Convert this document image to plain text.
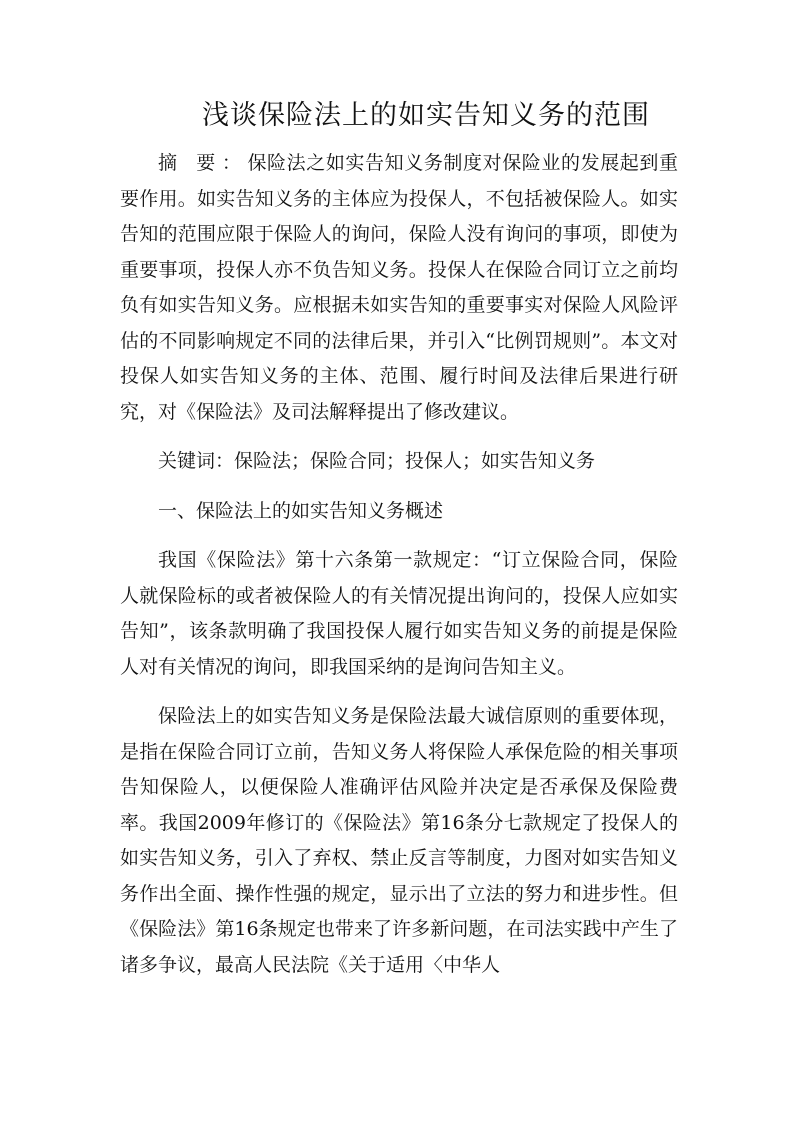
浅谈保险法上的如实告知义务的范围

摘 要：保险法之如实告知义务制度对保险业的发展起到重要作用。如实告知义务的主体应为投保人，不包括被保险人。如实告知的范围应限于保险人的询问，保险人没有询问的事项，即使为重要事项，投保人亦不负告知义务。投保人在保险合同订立之前均负有如实告知义务。应根据未如实告知的重要事实对保险人风险评估的不同影响规定不同的法律后果，并引入“比例罚规则”。本文对投保人如实告知义务的主体、范围、履行时间及法律后果进行研究，对《保险法》及司法解释提出了修改建议。

关键词：保险法；保险合同；投保人；如实告知义务

一、保险法上的如实告知义务概述

我国《保险法》第十六条第一款规定：“订立保险合同，保险人就保险标的或者被保险人的有关情况提出询问的，投保人应如实告知”，该条款明确了我国投保人履行如实告知义务的前提是保险人对有关情况的询问，即我国采纳的是询问告知主义。

保险法上的如实告知义务是保险法最大诚信原则的重要体现，是指在保险合同订立前，告知义务人将保险人承保危险的相关事项告知保险人，以便保险人准确评估风险并决定是否承保及保险费率。我国2009年修订的《保险法》第16条分七款规定了投保人的如实告知义务，引入了弃权、禁止反言等制度，力图对如实告知义务作出全面、操作性强的规定，显示出了立法的努力和进步性。但《保险法》第16条规定也带来了许多新问题，在司法实践中产生了诸多争议，最高人民法院《关于适用〈中华人
